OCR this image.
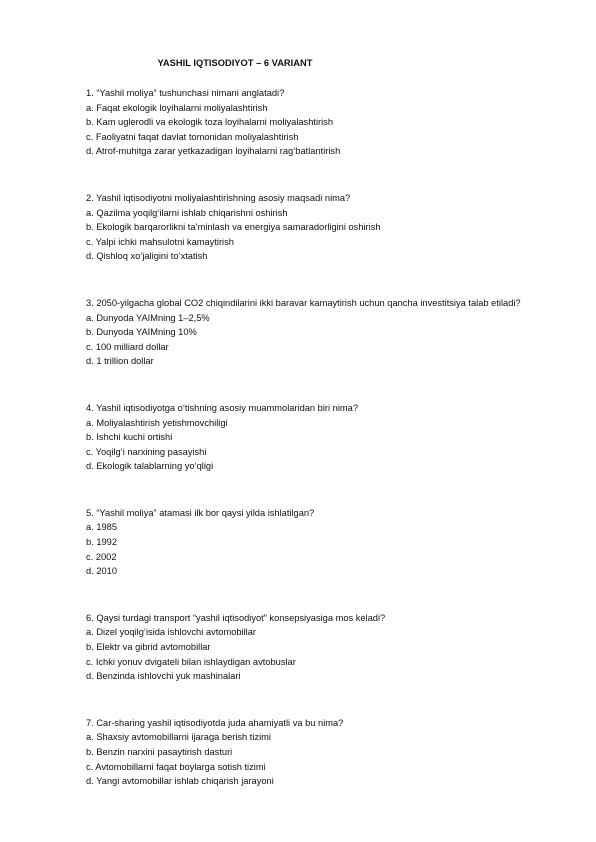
YASHIL IQTISODIYOT – 6 VARIANT
1. “Yashil moliya” tushunchasi nimani anglatadi?
a. Faqat ekologik loyihalarni moliyalashtirish
b. Kam uglerodli va ekologik toza loyihalarni moliyalashtirish
c. Faoliyatni faqat davlat tomonidan moliyalashtirish
d. Atrof-muhitga zarar yetkazadigan loyihalarni rag‘batlantirish
2. Yashil iqtisodiyotni moliyalashtirishning asosiy maqsadi nima?
a. Qazilma yoqilg‘ilarni ishlab chiqarishni oshirish
b. Ekologik barqarorlikni ta’minlash va energiya samaradorligini oshirish
c. Yalpi ichki mahsulotni kamaytirish
d. Qishloq xo‘jaligini to‘xtatish
3. 2050-yilgacha global CO2 chiqindilarini ikki baravar kamaytirish uchun qancha investitsiya talab etiladi?
a. Dunyoda YAIMning 1–2,5%
b. Dunyoda YAIMning 10%
c. 100 milliard dollar
d. 1 trillion dollar
4. Yashil iqtisodiyotga o‘tishning asosiy muammolaridan biri nima?
a. Moliyalashtirish yetishmovchiligi
b. Ishchi kuchi ortishi
c. Yoqilg‘i narxining pasayishi
d. Ekologik talablarning yo‘qligi
5. “Yashil moliya” atamasi ilk bor qaysi yilda ishlatilgan?
a. 1985
b. 1992
c. 2002
d. 2010
6. Qaysi turdagi transport “yashil iqtisodiyot” konsepsiyasiga mos keladi?
a. Dizel yoqilg‘isida ishlovchi avtomobillar
b. Elektr va gibrid avtomobillar
c. Ichki yonuv dvigateli bilan ishlaydigan avtobuslar
d. Benzinda ishlovchi yuk mashinalari
7. Car-sharing yashil iqtisodiyotda juda ahamiyatli va bu nima?
a. Shaxsiy avtomobillarni ijaraga berish tizimi
b. Benzin narxini pasaytirish dasturi
c. Avtomobillarni faqat boylarga sotish tizimi
d. Yangi avtomobillar ishlab chiqarish jarayoni
